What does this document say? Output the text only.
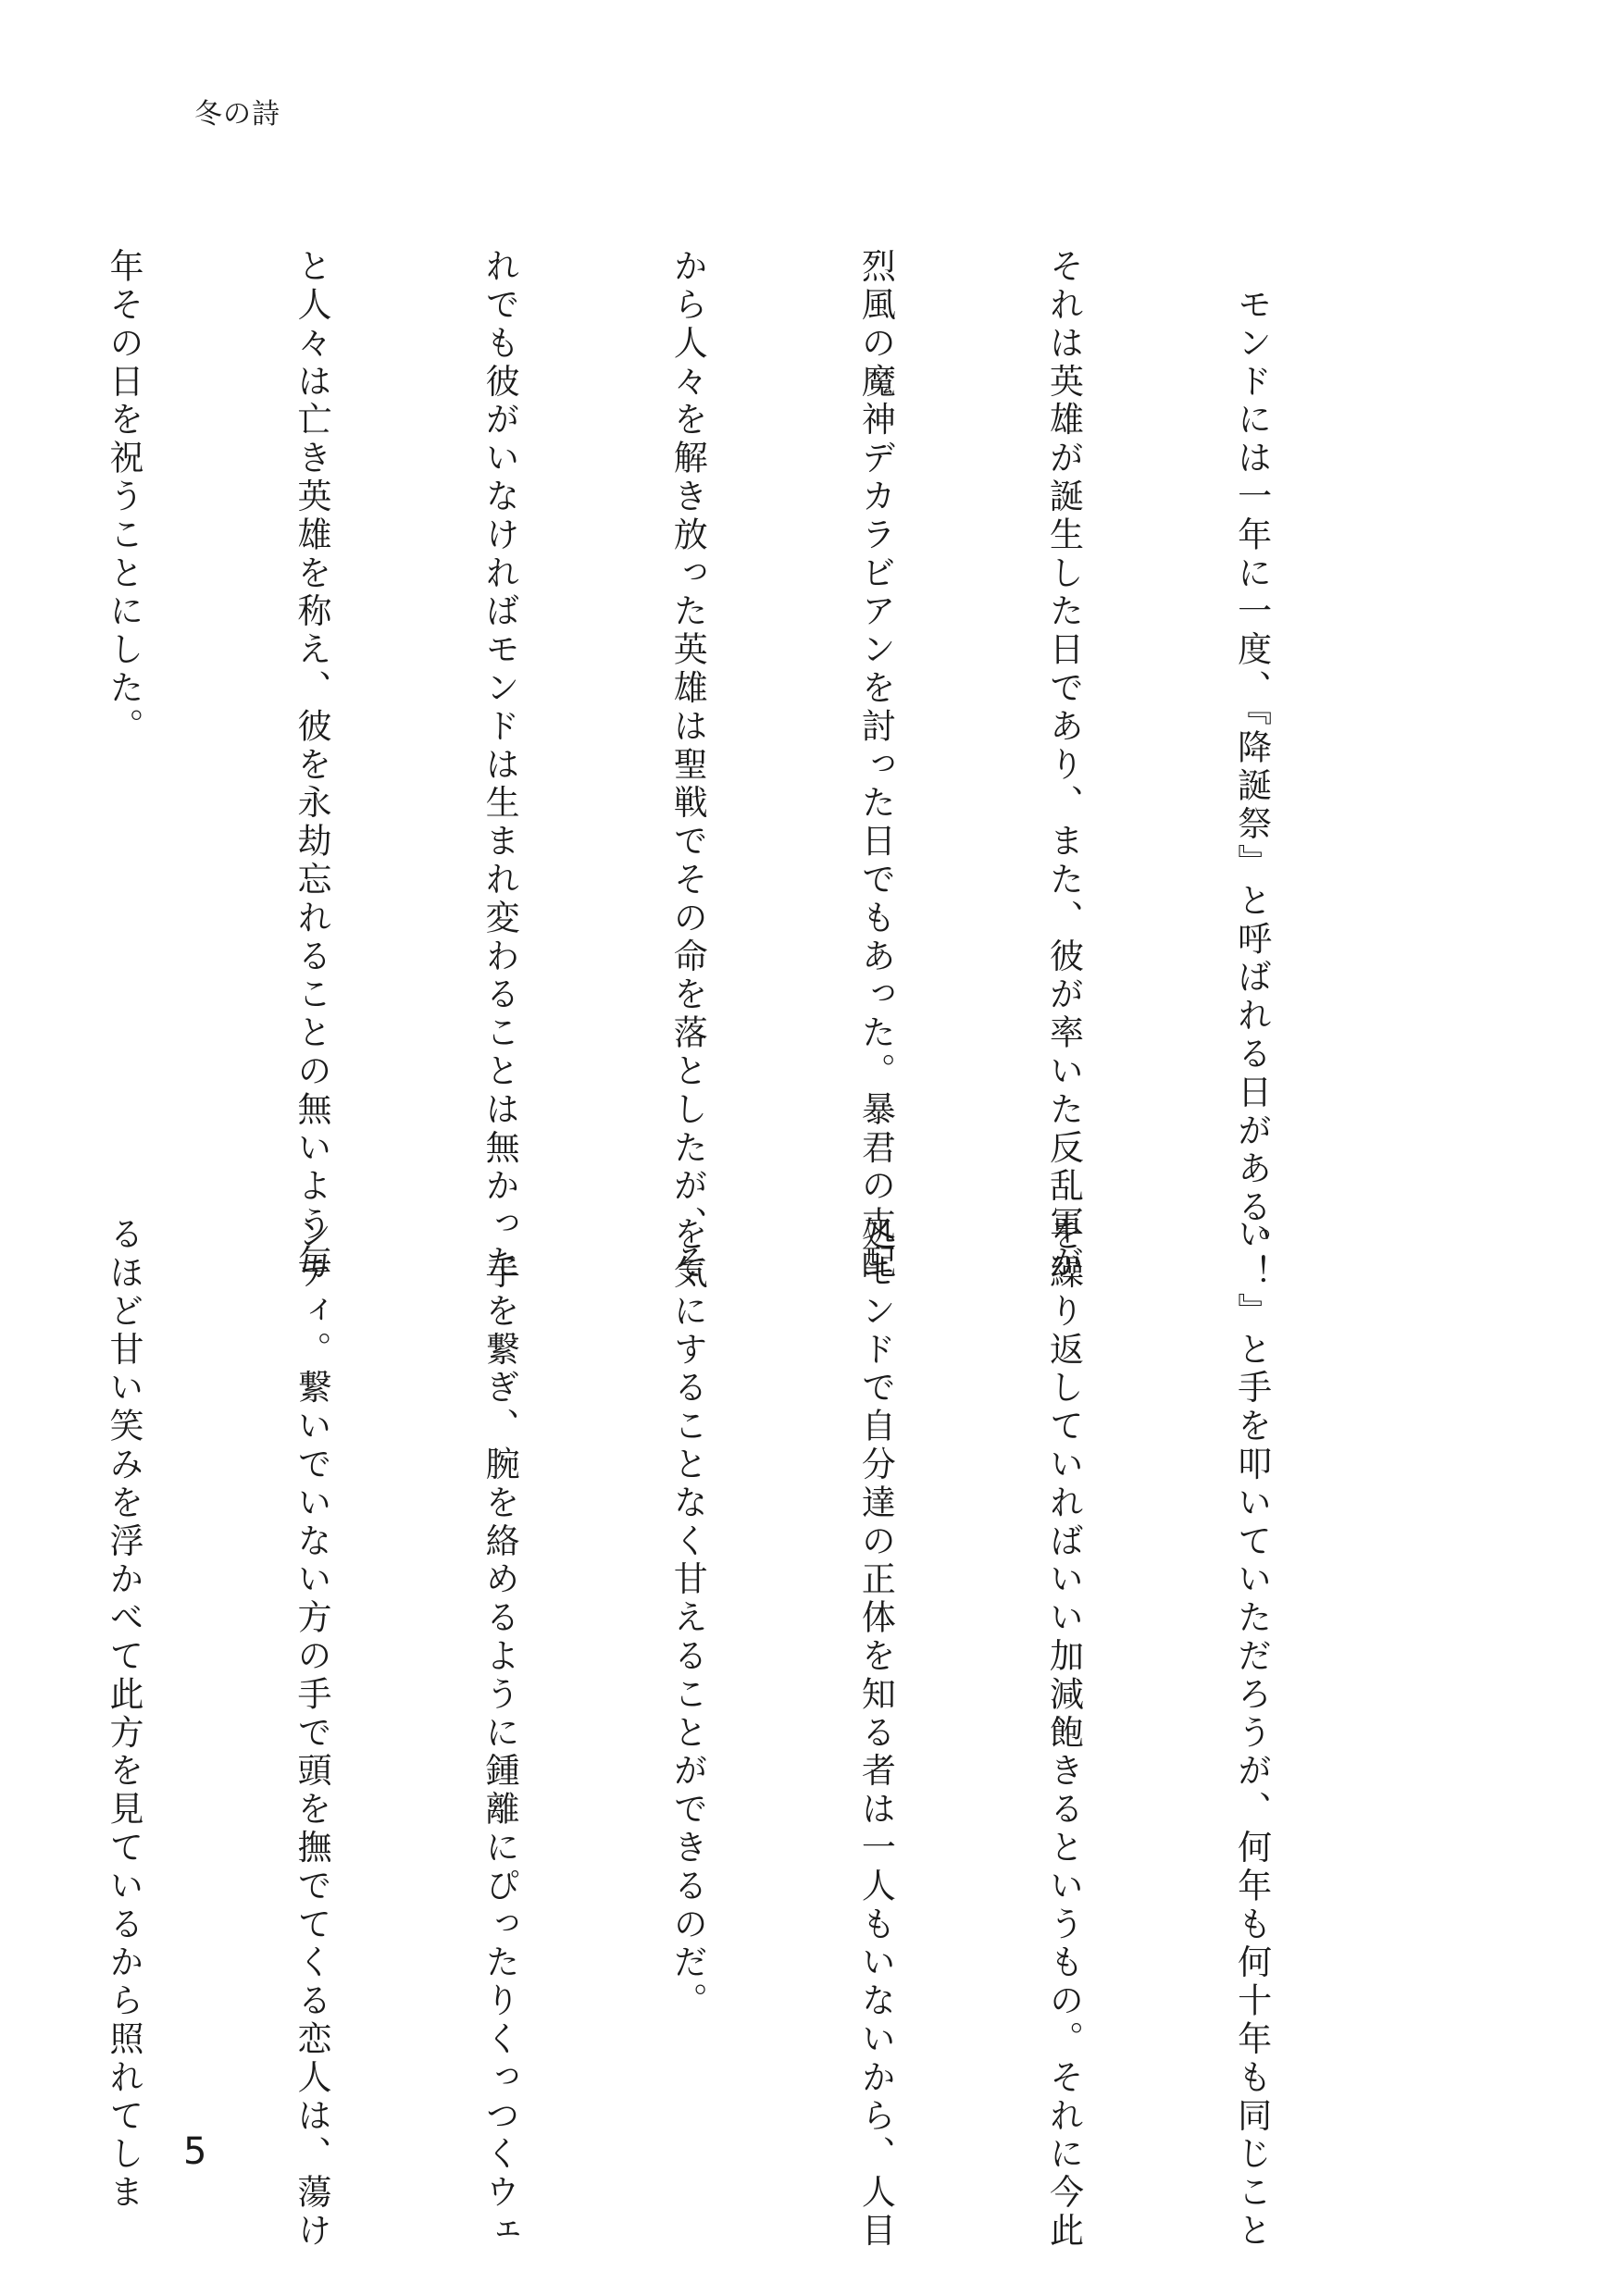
冬の詩

　モンドには一年に一度、『降誕祭』と呼ばれる日がある。

それは英雄が誕生した日であり、また、彼が率いた反乱軍が

烈風の魔神デカラビアンを討った日でもあった。暴君の支配

から人々を解き放った英雄は聖戦でその命を落としたが、そ

れでも彼がいなければモンドは生まれ変わることは無かった

と人々は亡き英雄を称え、彼を永劫忘れることの無いよう毎

年その日を祝うことにした。

い！』と手を叩いていただろうが、何年も何十年も同じこと

を繰り返していればいい加減飽きるというもの。それに今此

処モンドで自分達の正体を知る者は一人もいないから、人目

を気にすることなく甘えることができるのだ。

　手を繋ぎ、腕を絡めるように鍾離にぴったりくっつくウェ

ンティ。繋いでいない方の手で頭を撫でてくる恋人は、蕩け

るほど甘い笑みを浮かべて此方を見ているから照れてしま

	5
